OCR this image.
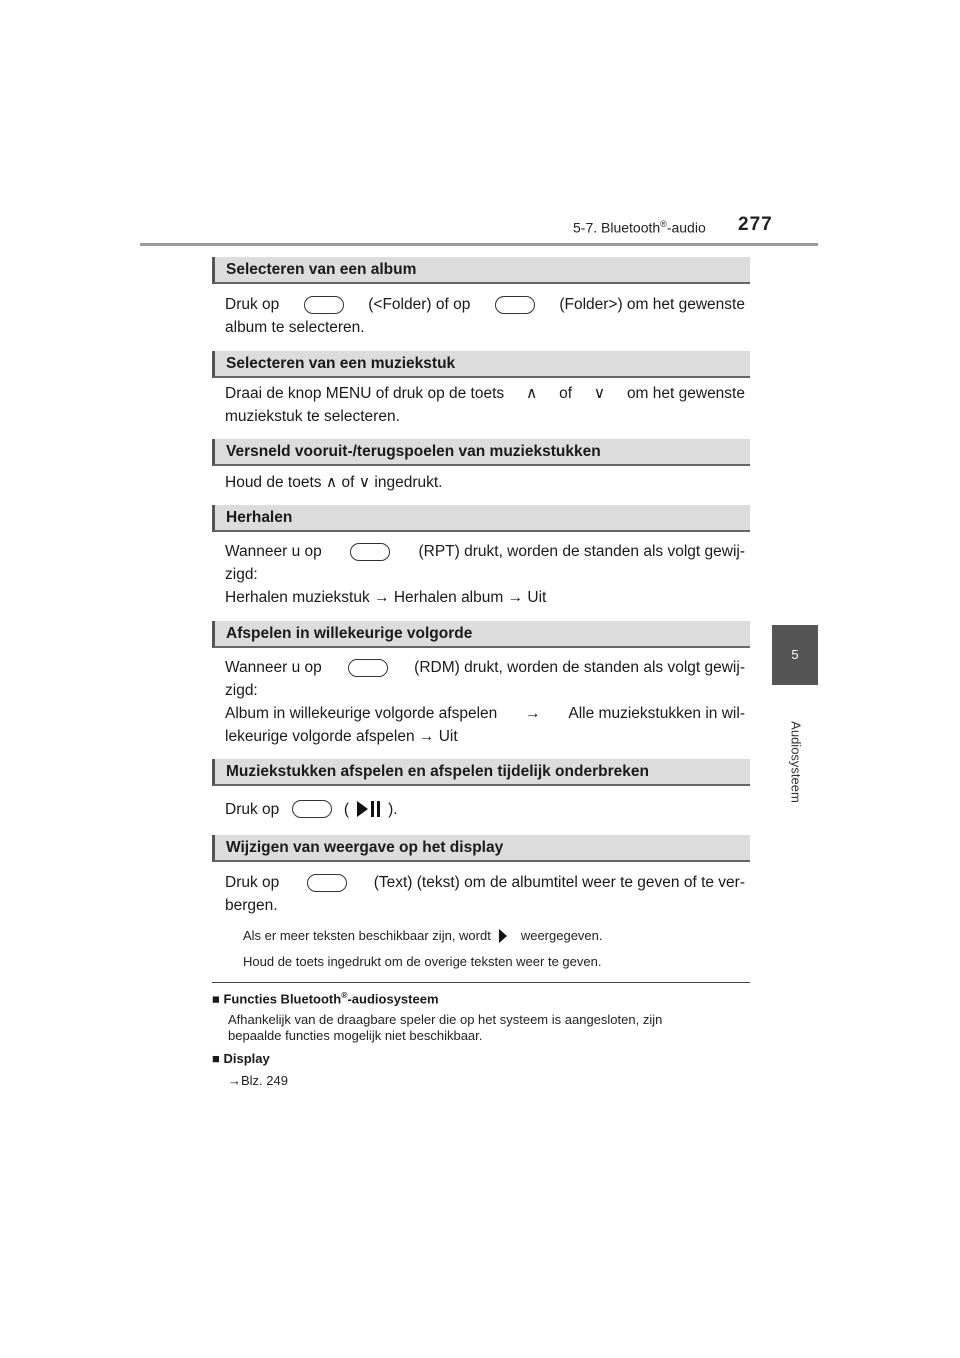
5-7. Bluetooth®-audio 277
5
Audiosysteem
Selecteren van een album
Druk op	(<Folder) of op	(Folder>) om het gewenste
album te selecteren.
Selecteren van een muziekstuk
Draai de knop MENU of druk op de toets ∧ of ∨ om het gewenste
muziekstuk te selecteren.
Versneld vooruit-/terugspoelen van muziekstukken
Houd de toets ∧ of ∨ ingedrukt.
Herhalen
Wanneer u op	(RPT) drukt, worden de standen als volgt gewij-
zigd:
Herhalen muziekstuk → Herhalen album → Uit
Afspelen in willekeurige volgorde
Wanneer u op	(RDM) drukt, worden de standen als volgt gewij-
zigd:
Album in willekeurige volgorde afspelen → Alle muziekstukken in wil-
lekeurige volgorde afspelen → Uit
Muziekstukken afspelen en afspelen tijdelijk onderbreken
Druk op	(	).
Wijzigen van weergave op het display
Druk op	(Text) (tekst) om de albumtitel weer te geven of te ver-
bergen.
Als er meer teksten beschikbaar zijn, wordt weergegeven.
Houd de toets ingedrukt om de overige teksten weer te geven.
■ Functies Bluetooth®-audiosysteem
Afhankelijk van de draagbare speler die op het systeem is aangesloten, zijn
bepaalde functies mogelijk niet beschikbaar.
■ Display
→Blz. 249
